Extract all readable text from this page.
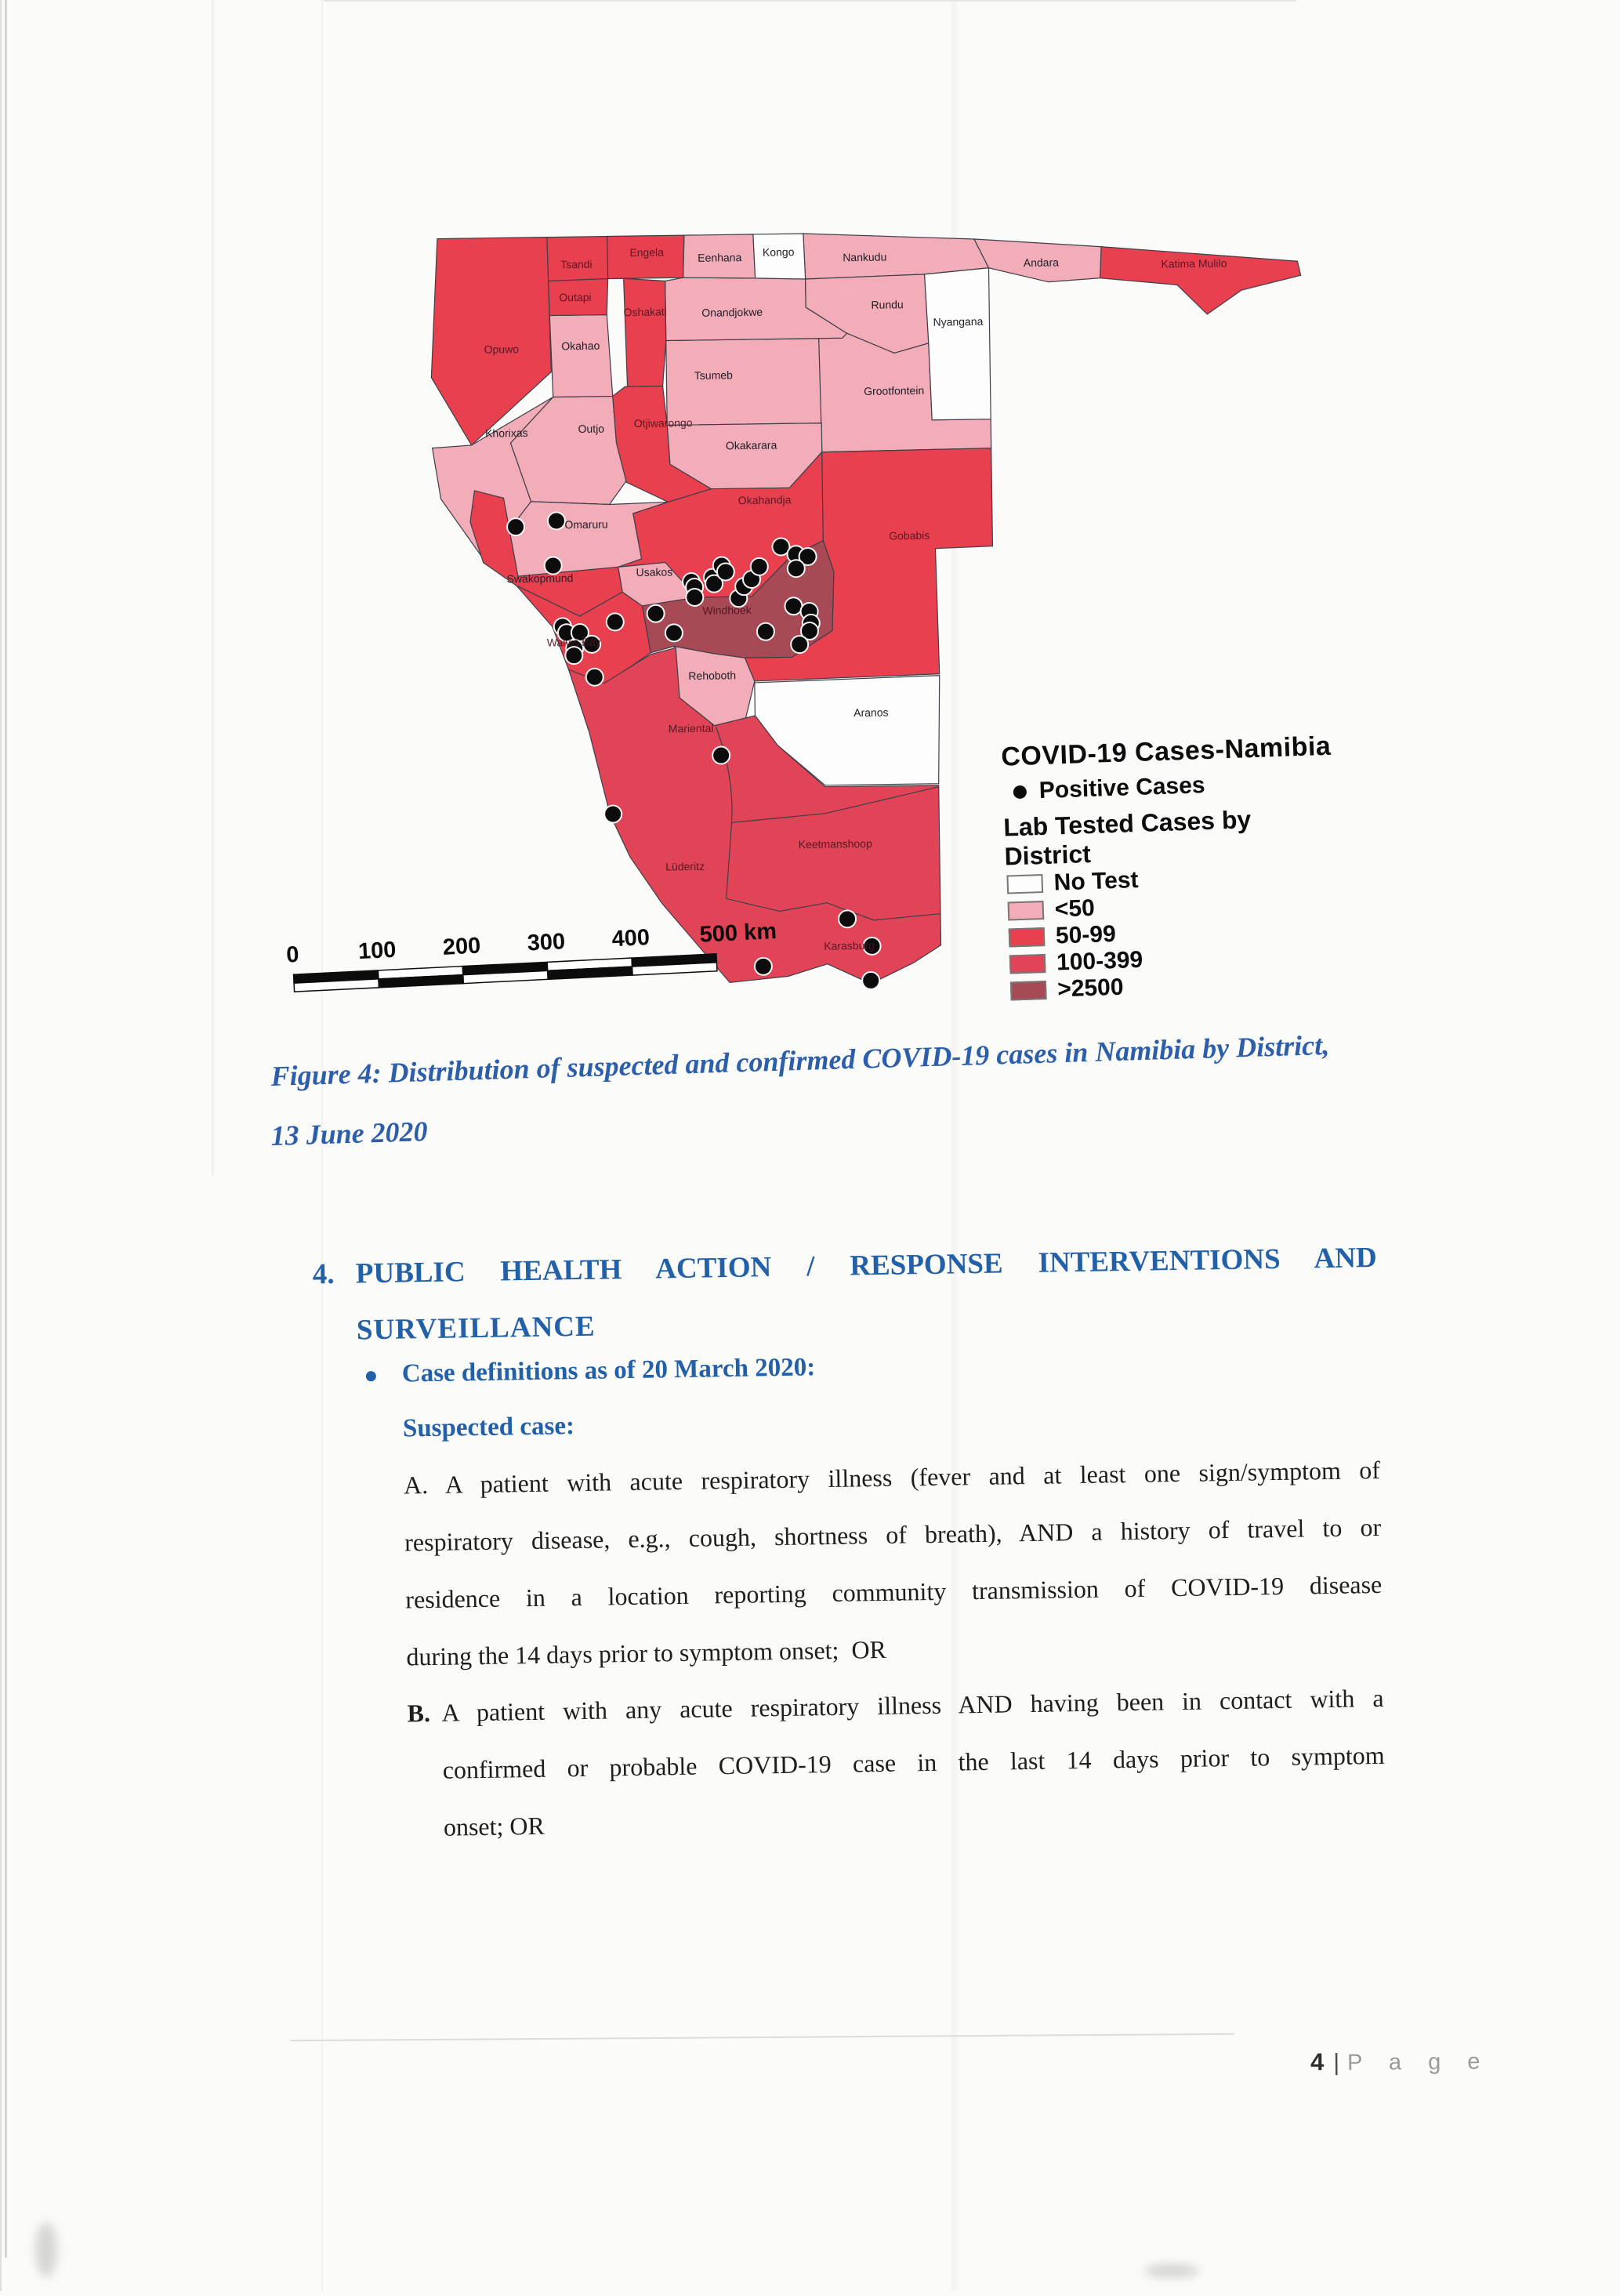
Khorixas	Outjo
Okahao
Omaruru
Tsumeb
Onandjokwe
Eenhana	Nankudu
Rundu
Grootfontein
Okakarara
Rehoboth
Kongo
Nyangana
Aranos
Andara
Opuwo
Tsandi
Outapi
Engela
Oshakati
Katima Mulilo
Otjiwarongo
Okahandja
Gobabis
Swakopmund
Walvis Bay
Mariental
Lüderitz
Keetmanshoop
Karasburg
Usakos
Windhoek
0	100 200 300 400 500 km
COVID-19 Cases-Namibia
Positive Cases
Lab Tested Cases by District
No Test
<50
50-99
100-399
>2500
Figure 4: Distribution of suspected and confirmed COVID-19 cases in Namibia by District,
13 June 2020
4. PUBLIC HEALTH ACTION / RESPONSE INTERVENTIONS AND
SURVEILLANCE
Case definitions as of 20 March 2020:
Suspected case:
A. A patient with acute respiratory illness (fever and at least one sign/symptom of
respiratory disease, e.g., cough, shortness of breath), AND a history of travel to or
residence in a location reporting community transmission of COVID-19 disease
during the 14 days prior to symptom onset;  OR
B. A patient with any acute respiratory illness AND having been in contact with a
confirmed or probable COVID-19 case in the last 14 days prior to symptom
onset; OR
4 | P a g e
